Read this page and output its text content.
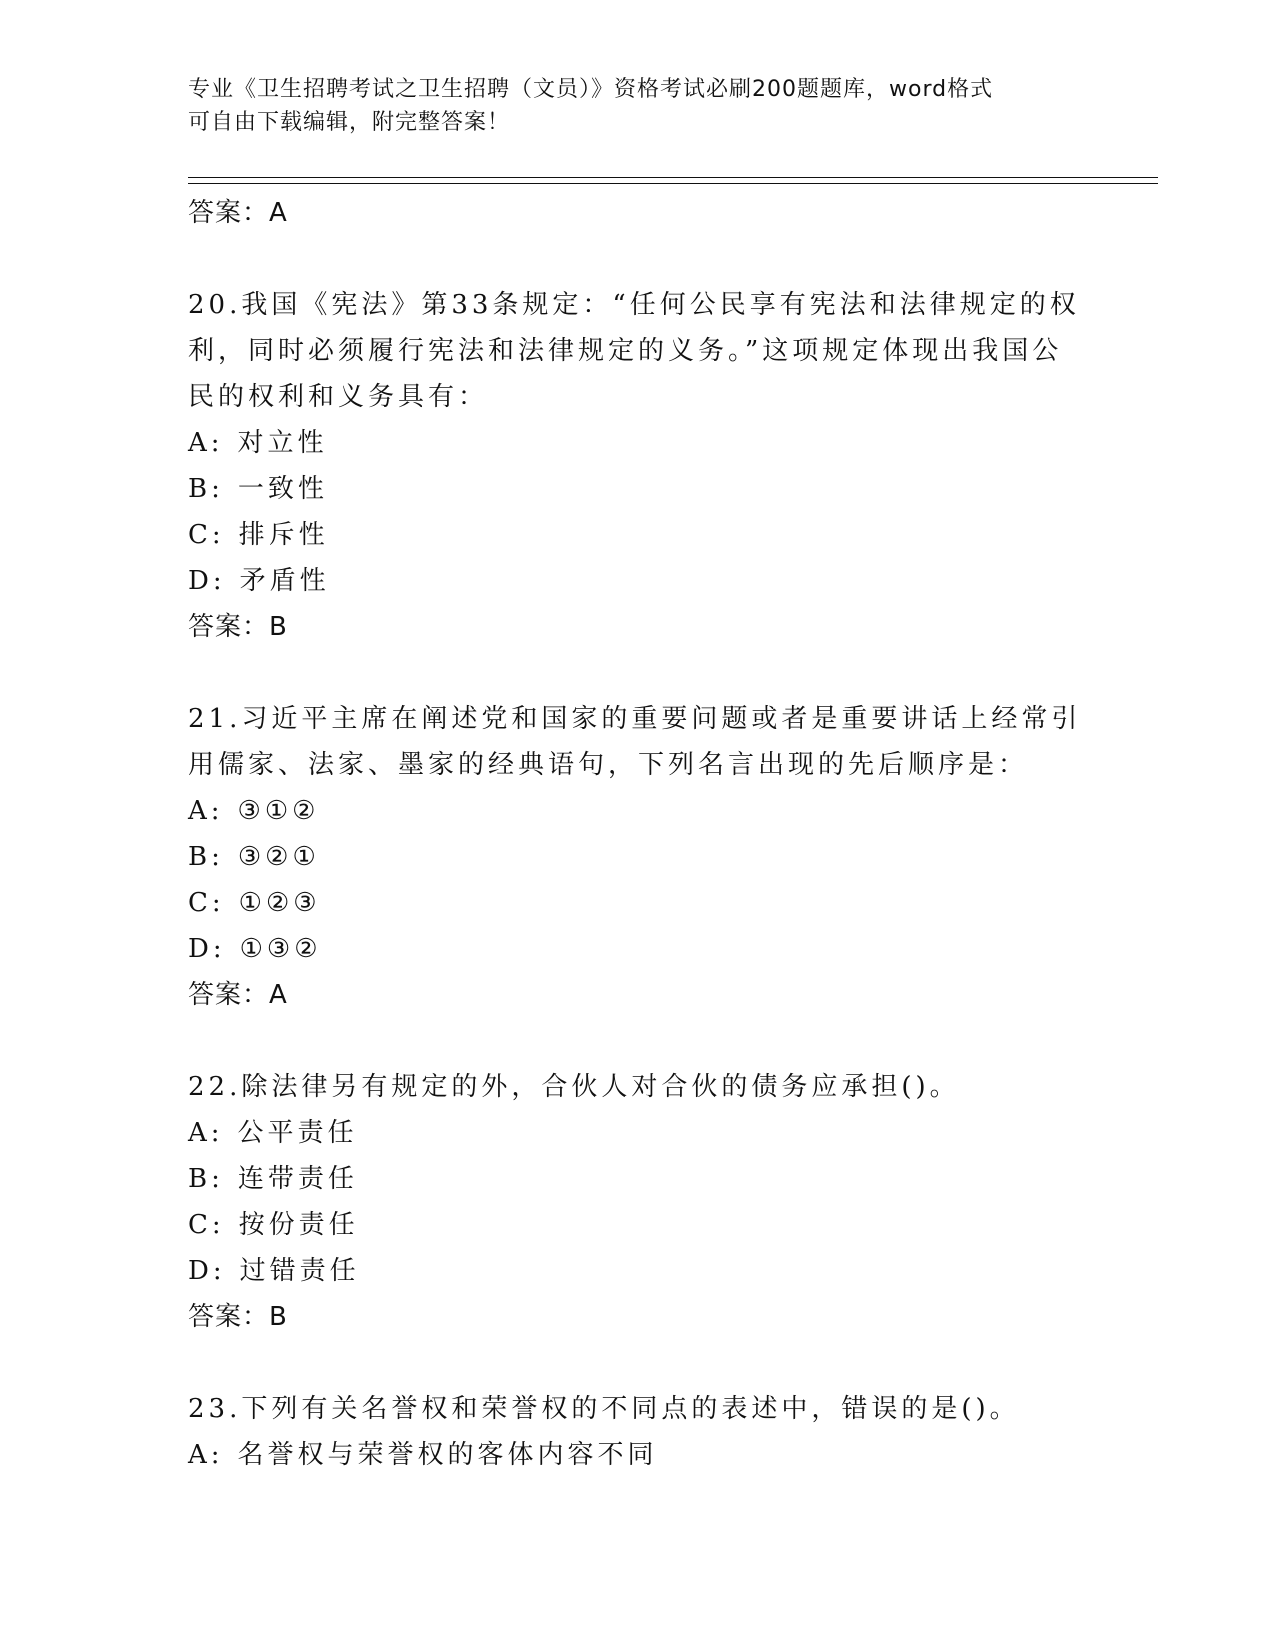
专业《卫生招聘考试之卫生招聘（文员）》资格考试必刷200题题库，word格式
可自由下载编辑，附完整答案！
答案：A
20.我国《宪法》第33条规定：“任何公民享有宪法和法律规定的权利，同时必须履行宪法和法律规定的义务。”这项规定体现出我国公民的权利和义务具有：
A: 对立性
B: 一致性
C: 排斥性
D: 矛盾性
答案：B
21.习近平主席在阐述党和国家的重要问题或者是重要讲话上经常引用儒家、法家、墨家的经典语句，下列名言出现的先后顺序是：
A: ③①②
B: ③②①
C: ①②③
D: ①③②
答案：A
22.除法律另有规定的外，合伙人对合伙的债务应承担()。
A: 公平责任
B: 连带责任
C: 按份责任
D: 过错责任
答案：B
23.下列有关名誉权和荣誉权的不同点的表述中，错误的是()。
A: 名誉权与荣誉权的客体内容不同
